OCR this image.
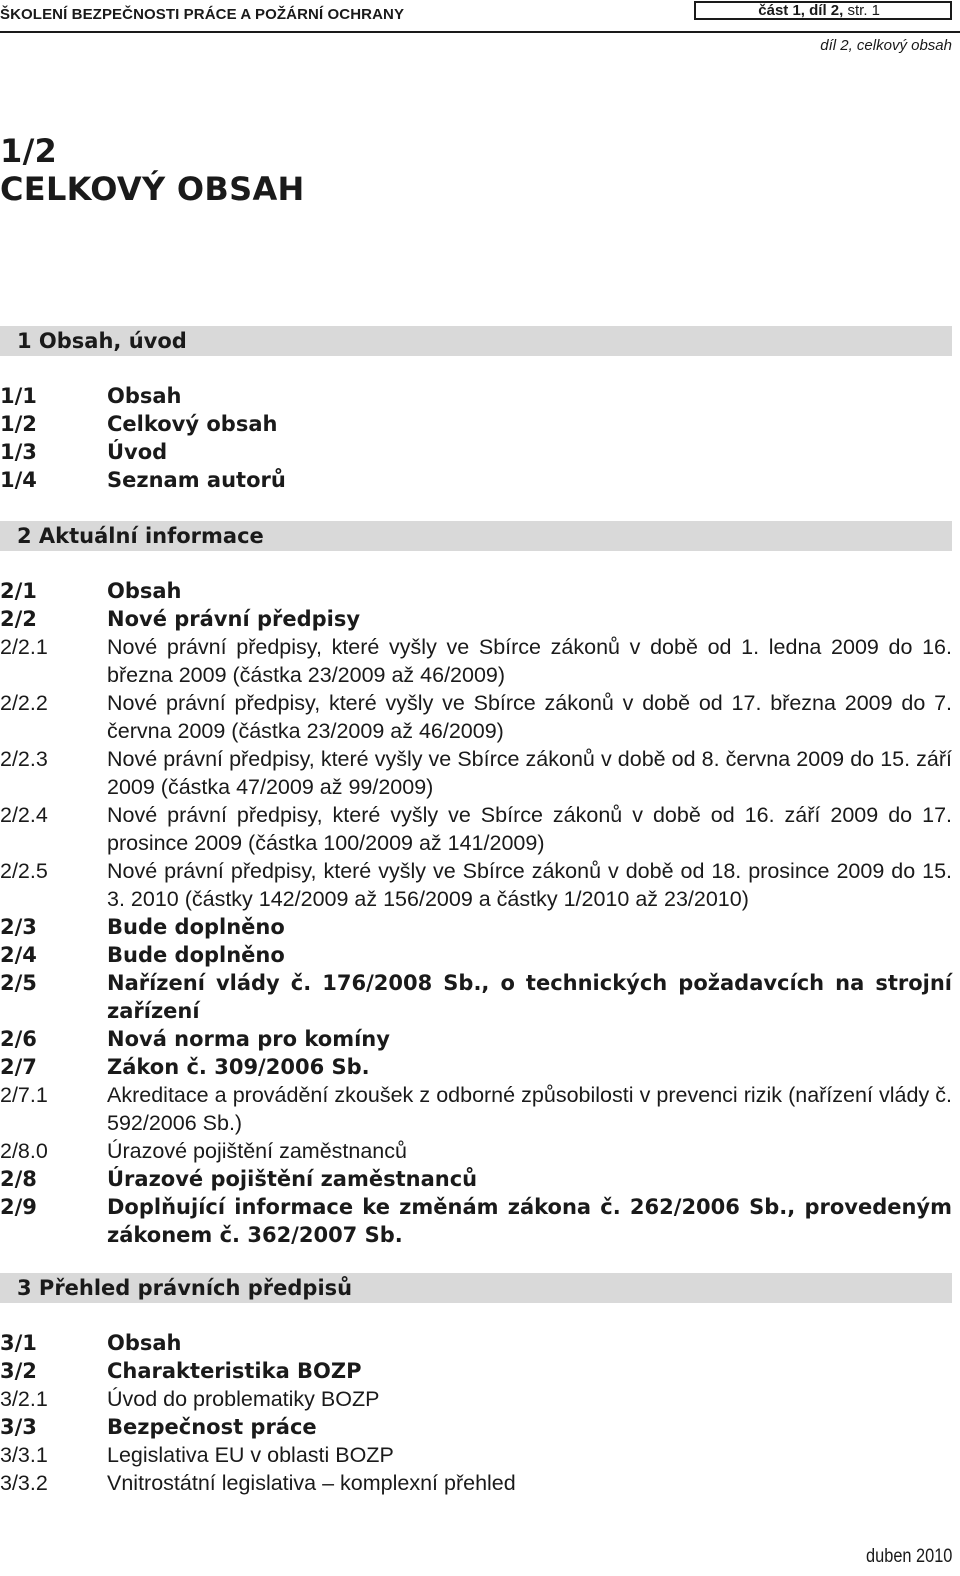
ŠKOLENÍ BEZPEČNOSTI PRÁCE A POŽÁRNÍ OCHRANY	část 1, díl 2, str. 1
díl 2, celkový obsah
1/2
CELKOVÝ OBSAH
1 Obsah, úvod
1/1	Obsah
1/2	Celkový obsah
1/3	Úvod
1/4	Seznam autorů
2 Aktuální informace
2/1	Obsah
2/2	Nové právní předpisy
2/2.1	Nové právní předpisy, které vyšly ve Sbírce zákonů v době od 1. ledna 2009 do 16. března 2009 (částka 23/2009 až 46/2009)
2/2.2	Nové právní předpisy, které vyšly ve Sbírce zákonů v době od 17. března 2009 do 7. června 2009 (částka 23/2009 až 46/2009)
2/2.3	Nové právní předpisy, které vyšly ve Sbírce zákonů v době od 8. června 2009 do 15. září 2009 (částka 47/2009 až 99/2009)
2/2.4	Nové právní předpisy, které vyšly ve Sbírce zákonů v době od 16. září 2009 do 17. prosince 2009 (částka 100/2009 až 141/2009)
2/2.5	Nové právní předpisy, které vyšly ve Sbírce zákonů v době od 18. prosince 2009 do 15. 3. 2010 (částky 142/2009 až 156/2009 a částky 1/2010 až 23/2010)
2/3	Bude doplněno
2/4	Bude doplněno
2/5	Nařízení vlády č. 176/2008 Sb., o technických požadavcích na strojní zařízení
2/6	Nová norma pro komíny
2/7	Zákon č. 309/2006 Sb.
2/7.1	Akreditace a provádění zkoušek z odborné způsobilosti v prevenci rizik (nařízení vlády č. 592/2006 Sb.)
2/8.0	Úrazové pojištění zaměstnanců
2/8	Úrazové pojištění zaměstnanců
2/9	Doplňující informace ke změnám zákona č. 262/2006 Sb., provedeným zákonem č. 362/2007 Sb.
3 Přehled právních předpisů
3/1	Obsah
3/2	Charakteristika BOZP
3/2.1	Úvod do problematiky BOZP
3/3	Bezpečnost práce
3/3.1	Legislativa EU v oblasti BOZP
3/3.2	Vnitrostátní legislativa – komplexní přehled
duben 2010
